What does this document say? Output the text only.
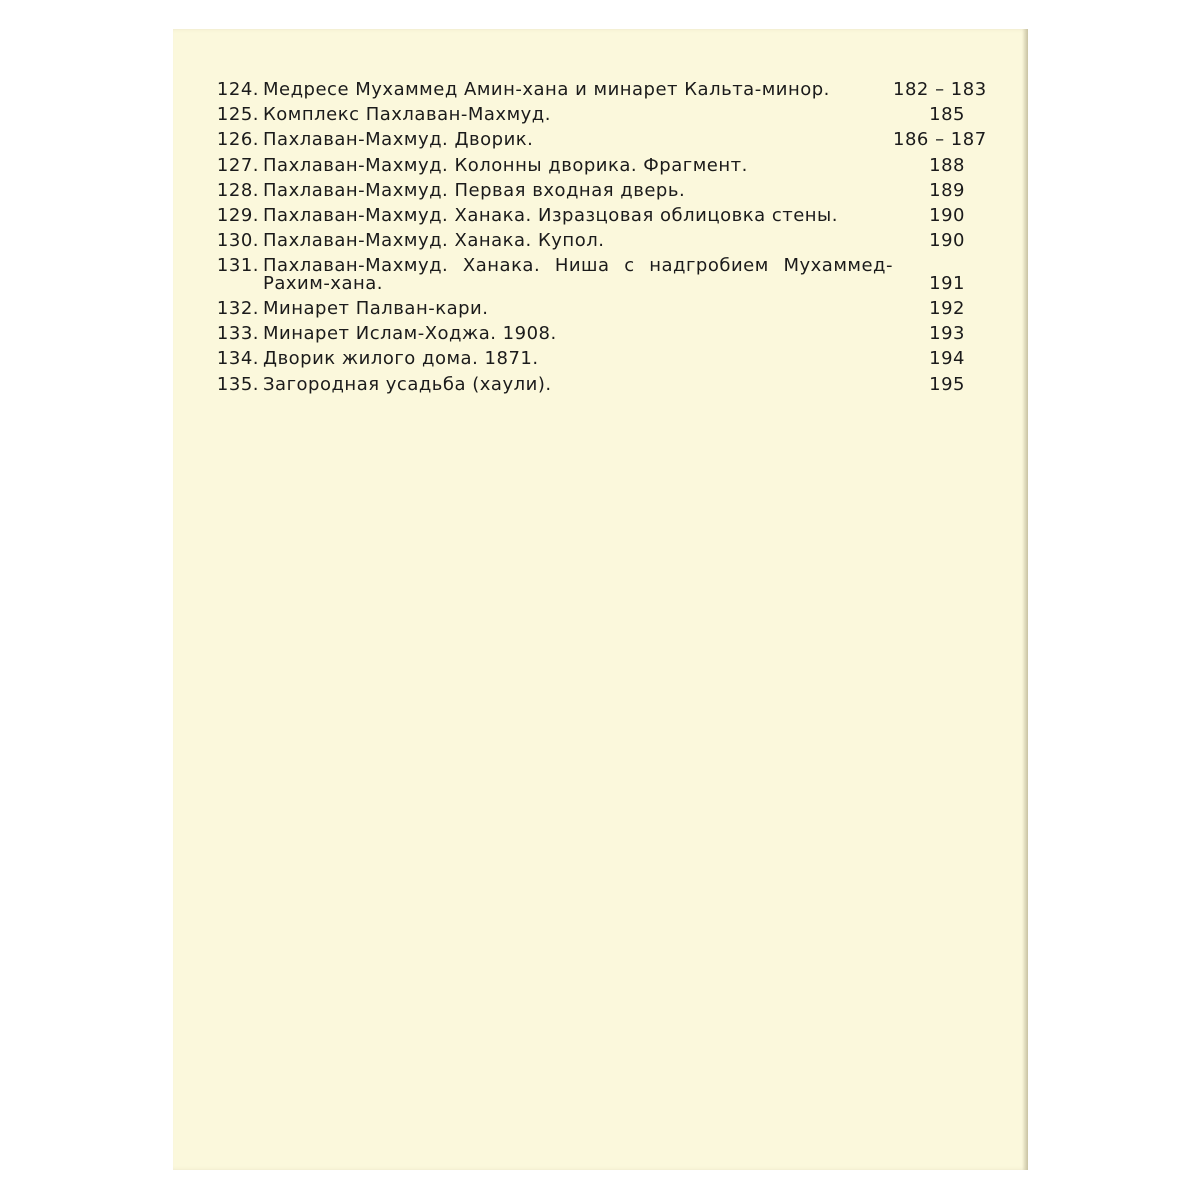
124. Медресе Мухаммед Амин-хана и минарет Кальта-минор.	182 – 183
125. Комплекс Пахлаван-Махмуд.	185
126. Пахлаван-Махмуд. Дворик.	186 – 187
127. Пахлаван-Махмуд. Колонны дворика. Фрагмент.	188
128. Пахлаван-Махмуд. Первая входная дверь.	189
129. Пахлаван-Махмуд. Ханака. Изразцовая облицовка стены.	190
130. Пахлаван-Махмуд. Ханака. Купол.	190
131. Пахлаван-Махмуд. Ханака. Ниша с надгробием Мухаммед-Рахим-хана.	191
132. Минарет Палван-кари.	192
133. Минарет Ислам-Ходжа. 1908.	193
134. Дворик жилого дома. 1871.	194
135. Загородная усадьба (хаули).	195
